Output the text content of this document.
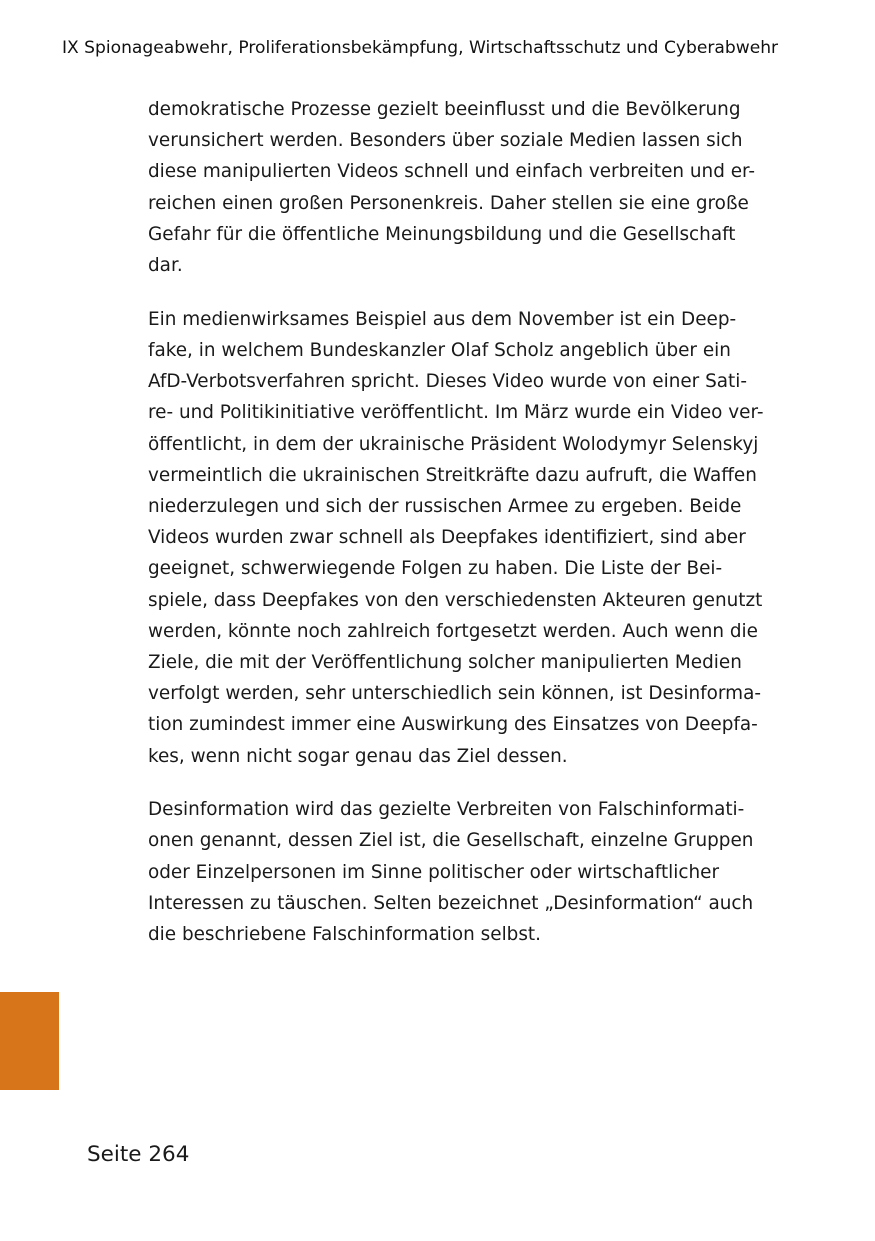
IX Spionageabwehr, Proliferationsbekämpfung, Wirtschaftsschutz und Cyberabwehr

demokratische Prozesse gezielt beeinflusst und die Bevölkerung
verunsichert werden. Besonders über soziale Medien lassen sich
diese manipulierten Videos schnell und einfach verbreiten und er-
reichen einen großen Personenkreis. Daher stellen sie eine große
Gefahr für die öffentliche Meinungsbildung und die Gesellschaft
dar.

Ein medienwirksames Beispiel aus dem November ist ein Deep-
fake, in welchem Bundeskanzler Olaf Scholz angeblich über ein
AfD-Verbotsverfahren spricht. Dieses Video wurde von einer Sati-
re- und Politikinitiative veröffentlicht. Im März wurde ein Video ver-
öffentlicht, in dem der ukrainische Präsident Wolodymyr Selenskyj
vermeintlich die ukrainischen Streitkräfte dazu aufruft, die Waffen
niederzulegen und sich der russischen Armee zu ergeben. Beide
Videos wurden zwar schnell als Deepfakes identifiziert, sind aber
geeignet, schwerwiegende Folgen zu haben. Die Liste der Bei-
spiele, dass Deepfakes von den verschiedensten Akteuren genutzt
werden, könnte noch zahlreich fortgesetzt werden. Auch wenn die
Ziele, die mit der Veröffentlichung solcher manipulierten Medien
verfolgt werden, sehr unterschiedlich sein können, ist Desinforma-
tion zumindest immer eine Auswirkung des Einsatzes von Deepfa-
kes, wenn nicht sogar genau das Ziel dessen.

Desinformation wird das gezielte Verbreiten von Falschinformati-
onen genannt, dessen Ziel ist, die Gesellschaft, einzelne Gruppen
oder Einzelpersonen im Sinne politischer oder wirtschaftlicher
Interessen zu täuschen. Selten bezeichnet „Desinformation“ auch
die beschriebene Falschinformation selbst.

Seite 264
